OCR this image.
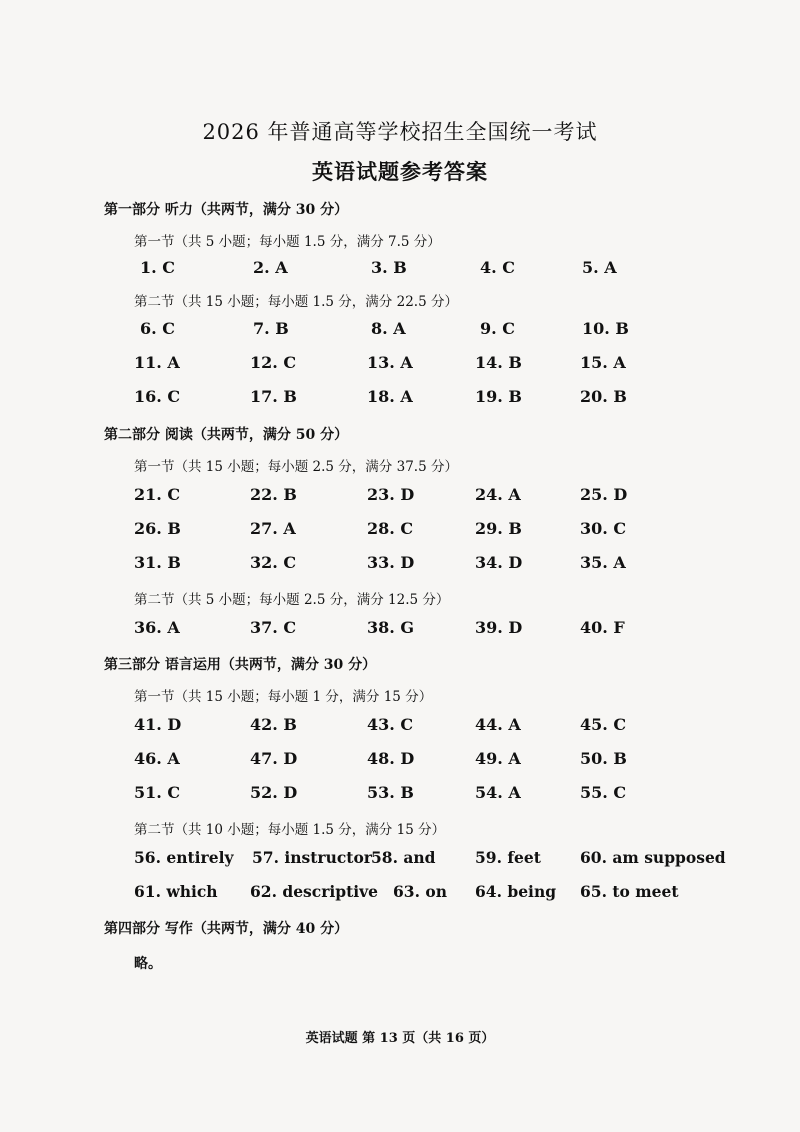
2026 年普通高等学校招生全国统一考试
英语试题参考答案
第一部分 听力（共两节，满分 30 分）
第一节（共 5 小题；每小题 1.5 分，满分 7.5 分）
1. C	2. A	3. B	4. C	5. A
第二节（共 15 小题；每小题 1.5 分，满分 22.5 分）
6. C	7. B	8. A	9. C	10. B
11. A	12. C	13. A	14. B	15. A
16. C	17. B	18. A	19. B	20. B
第二部分 阅读（共两节，满分 50 分）
第一节（共 15 小题；每小题 2.5 分，满分 37.5 分）
21. C	22. B	23. D	24. A	25. D
26. B	27. A	28. C	29. B	30. C
31. B	32. C	33. D	34. D	35. A
第二节（共 5 小题；每小题 2.5 分，满分 12.5 分）
36. A	37. C	38. G	39. D	40. F
第三部分 语言运用（共两节，满分 30 分）
第一节（共 15 小题；每小题 1 分，满分 15 分）
41. D	42. B	43. C	44. A	45. C
46. A	47. D	48. D	49. A	50. B
51. C	52. D	53. B	54. A	55. C
第二节（共 10 小题；每小题 1.5 分，满分 15 分）
56. entirely 57. instructor 58. and	59. feet	60. am supposed
61. which 62. descriptive 63. on 64. being 65. to meet
第四部分 写作（共两节，满分 40 分）
略。
英语试题 第 13 页（共 16 页）
